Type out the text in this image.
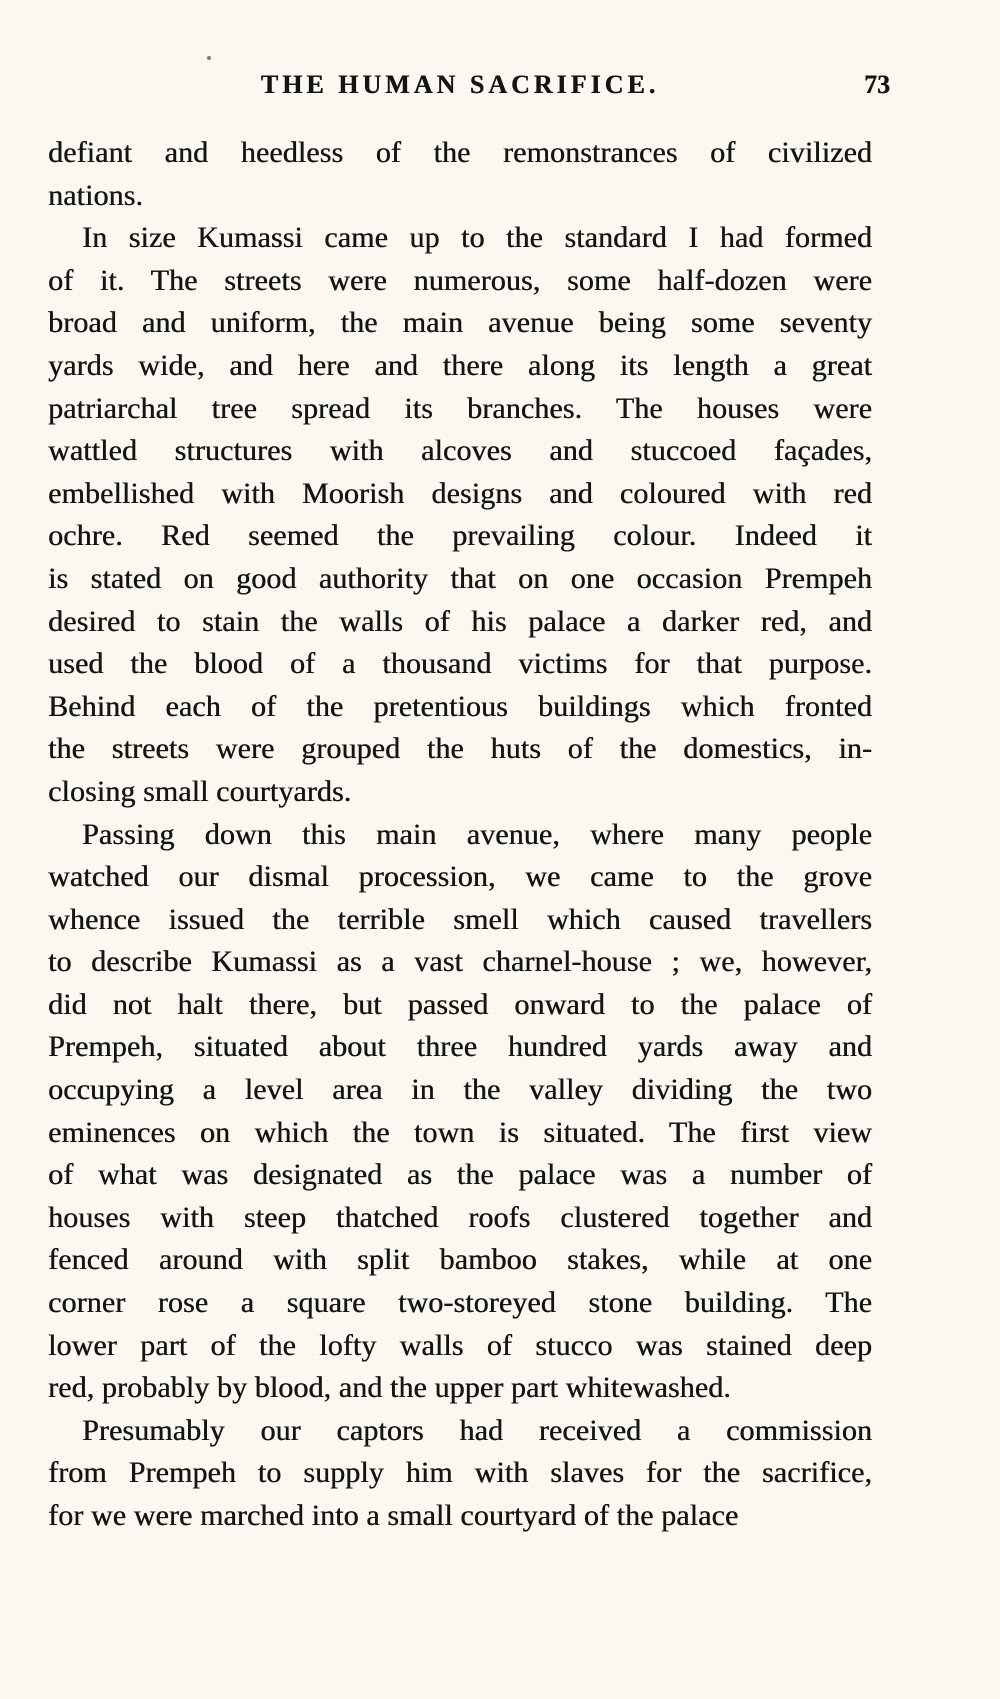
THE HUMAN SACRIFICE.	73
defiant and heedless of the remonstrances of civilized
nations.
In size Kumassi came up to the standard I had formed
of it. The streets were numerous, some half-dozen were
broad and uniform, the main avenue being some seventy
yards wide, and here and there along its length a great
patriarchal tree spread its branches. The houses were
wattled structures with alcoves and stuccoed façades,
embellished with Moorish designs and coloured with red
ochre. Red seemed the prevailing colour. Indeed it
is stated on good authority that on one occasion Prempeh
desired to stain the walls of his palace a darker red, and
used the blood of a thousand victims for that purpose.
Behind each of the pretentious buildings which fronted
the streets were grouped the huts of the domestics, in-
closing small courtyards.
Passing down this main avenue, where many people
watched our dismal procession, we came to the grove
whence issued the terrible smell which caused travellers
to describe Kumassi as a vast charnel-house ; we, however,
did not halt there, but passed onward to the palace of
Prempeh, situated about three hundred yards away and
occupying a level area in the valley dividing the two
eminences on which the town is situated. The first view
of what was designated as the palace was a number of
houses with steep thatched roofs clustered together and
fenced around with split bamboo stakes, while at one
corner rose a square two-storeyed stone building. The
lower part of the lofty walls of stucco was stained deep
red, probably by blood, and the upper part whitewashed.
Presumably our captors had received a commission
from Prempeh to supply him with slaves for the sacrifice,
for we were marched into a small courtyard of the palace
